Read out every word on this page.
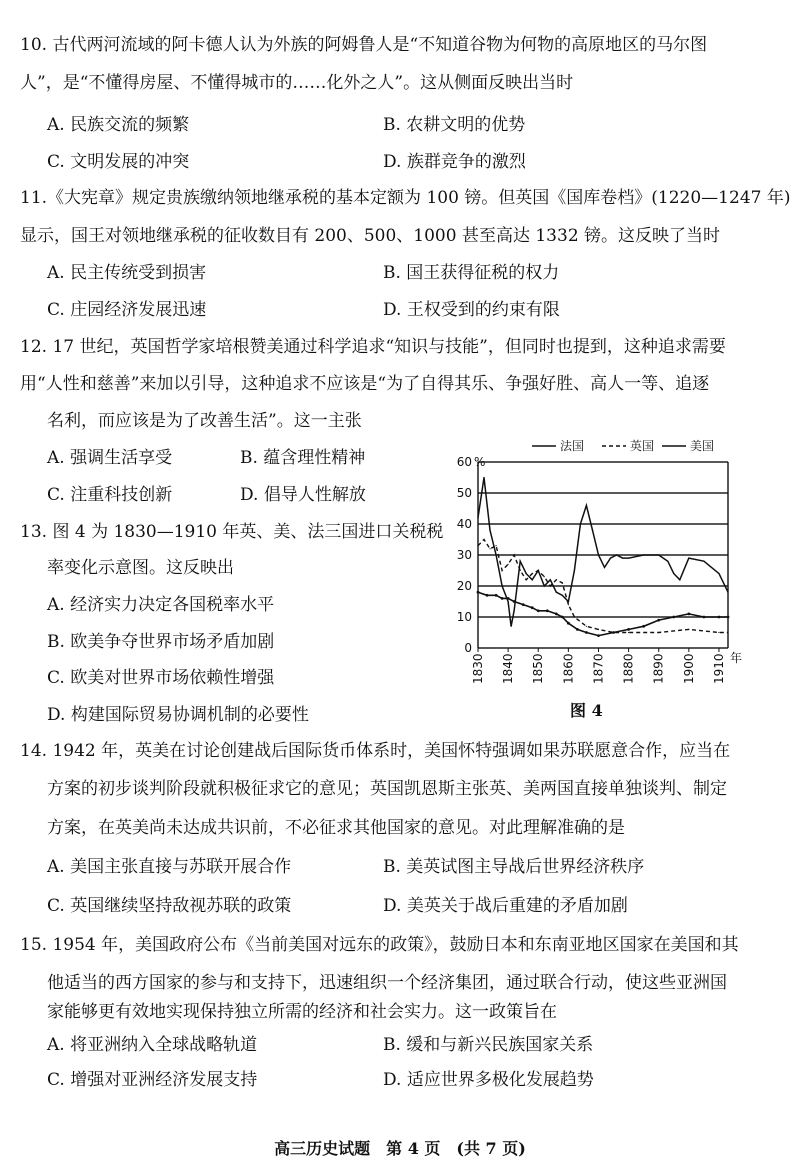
10. 古代两河流域的阿卡德人认为外族的阿姆鲁人是“不知道谷物为何物的高原地区的马尔图
人”，是“不懂得房屋、不懂得城市的……化外之人”。这从侧面反映出当时
A. 民族交流的频繁	B. 农耕文明的优势
C. 文明发展的冲突	D. 族群竞争的激烈
11.《大宪章》规定贵族缴纳领地继承税的基本定额为 100 镑。但英国《国库卷档》(1220—1247 年)
显示，国王对领地继承税的征收数目有 200、500、1000 甚至高达 1332 镑。这反映了当时
A. 民主传统受到损害	B. 国王获得征税的权力
C. 庄园经济发展迅速	D. 王权受到的约束有限
12. 17 世纪，英国哲学家培根赞美通过科学追求“知识与技能”，但同时也提到，这种追求需要
用“人性和慈善”来加以引导，这种追求不应该是“为了自得其乐、争强好胜、高人一等、追逐
名利，而应该是为了改善生活”。这一主张
A. 强调生活享受	B. 蕴含理性精神
C. 注重科技创新	D. 倡导人性解放
13. 图 4 为 1830—1910 年英、美、法三国进口关税税
率变化示意图。这反映出
A. 经济实力决定各国税率水平
B. 欧美争夺世界市场矛盾加剧
C. 欧美对世界市场依赖性增强
D. 构建国际贸易协调机制的必要性
60
50
40
30
20
10
0
%
1830 1840 1850 1860 1870 1880 1890 1900 1910 年
法国	英国	美国
图 4
14. 1942 年，英美在讨论创建战后国际货币体系时，美国怀特强调如果苏联愿意合作，应当在
方案的初步谈判阶段就积极征求它的意见；英国凯恩斯主张英、美两国直接单独谈判、制定
方案，在英美尚未达成共识前，不必征求其他国家的意见。对此理解准确的是
A. 美国主张直接与苏联开展合作	B. 美英试图主导战后世界经济秩序
C. 英国继续坚持敌视苏联的政策	D. 美英关于战后重建的矛盾加剧
15. 1954 年，美国政府公布《当前美国对远东的政策》，鼓励日本和东南亚地区国家在美国和其
他适当的西方国家的参与和支持下，迅速组织一个经济集团，通过联合行动，使这些亚洲国
家能够更有效地实现保持独立所需的经济和社会实力。这一政策旨在
A. 将亚洲纳入全球战略轨道	B. 缓和与新兴民族国家关系
C. 增强对亚洲经济发展支持	D. 适应世界多极化发展趋势
高三历史试题　第 4 页　(共 7 页)
